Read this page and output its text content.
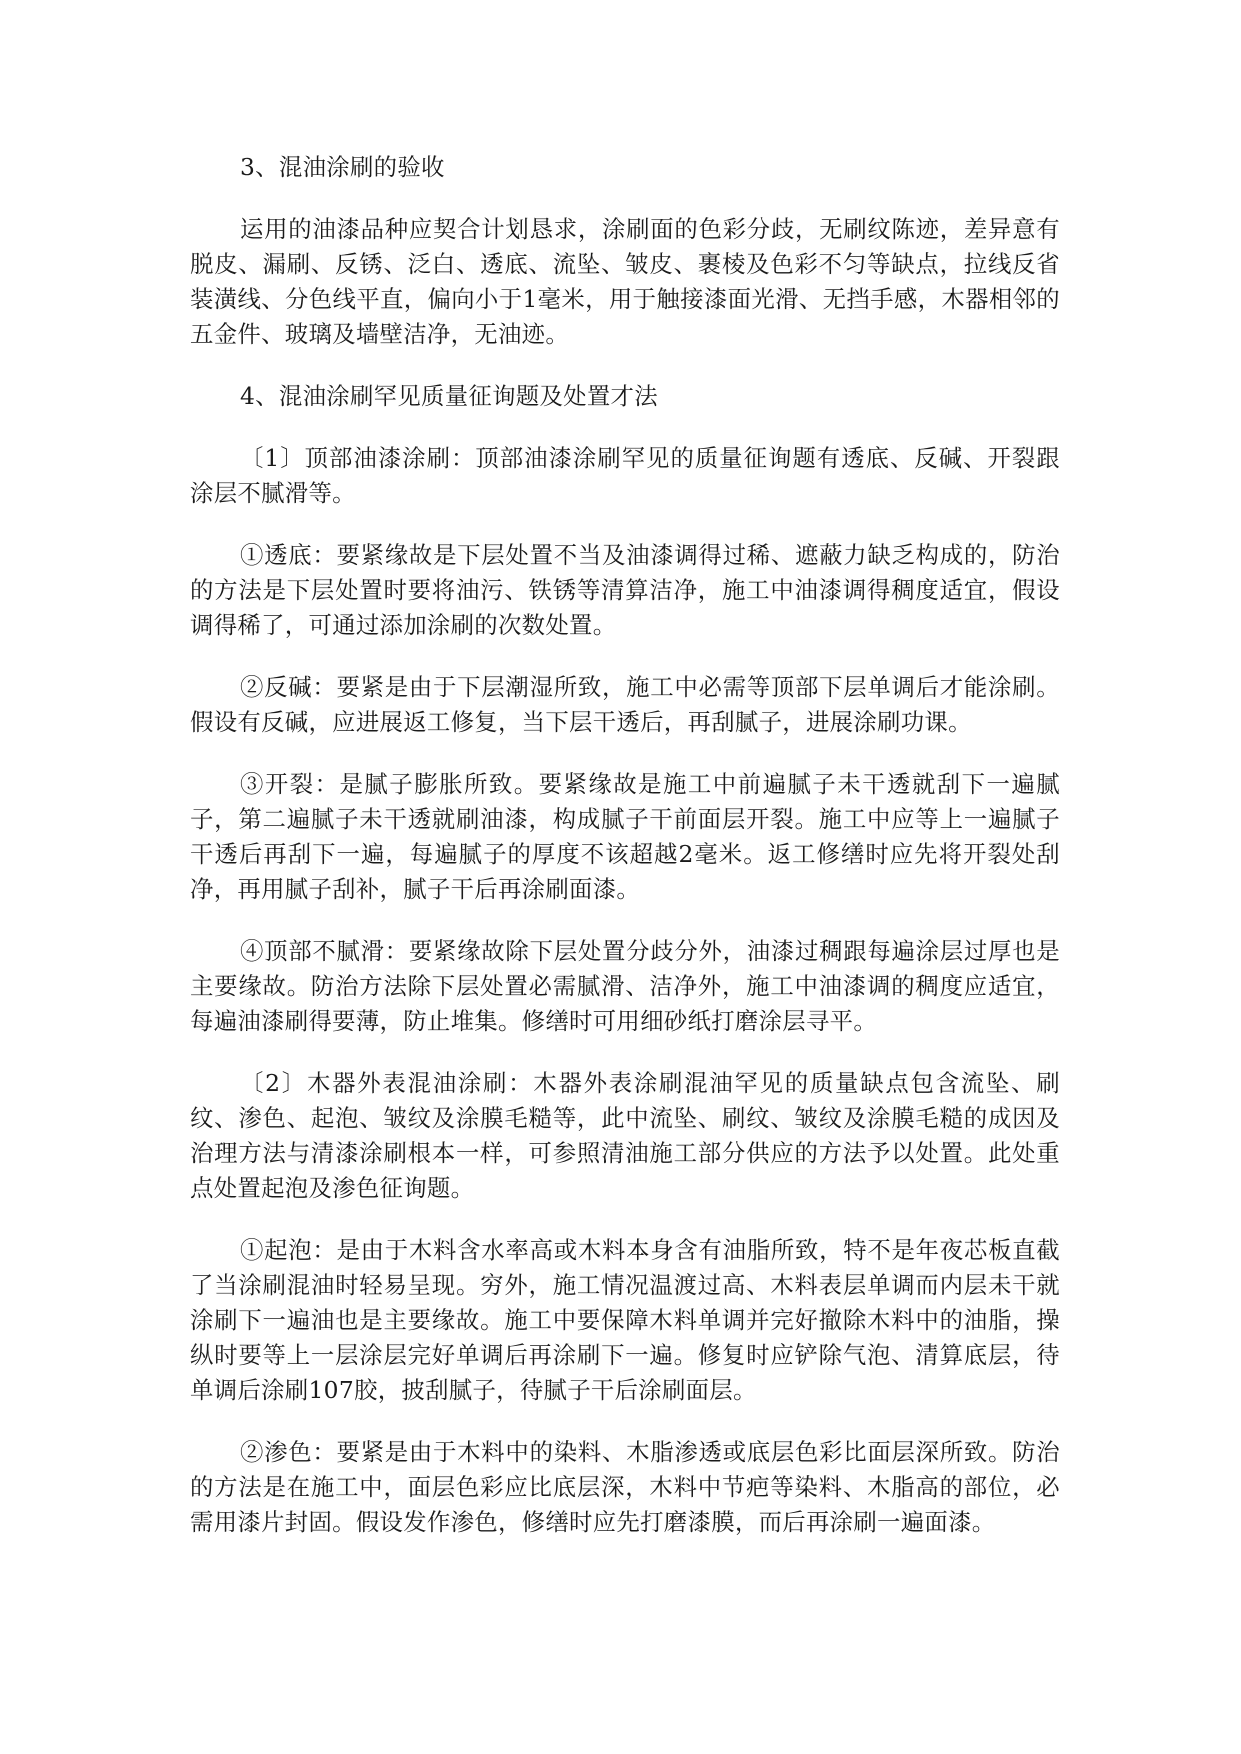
3、混油涂刷的验收

运用的油漆品种应契合计划恳求，涂刷面的色彩分歧，无刷纹陈迹，差异意有脱皮、漏刷、反锈、泛白、透底、流坠、皱皮、裹棱及色彩不匀等缺点，拉线反省装潢线、分色线平直，偏向小于1毫米，用于触接漆面光滑、无挡手感，木器相邻的五金件、玻璃及墙壁洁净，无油迹。

4、混油涂刷罕见质量征询题及处置才法

〔1〕顶部油漆涂刷：顶部油漆涂刷罕见的质量征询题有透底、反碱、开裂跟涂层不腻滑等。

①透底：要紧缘故是下层处置不当及油漆调得过稀、遮蔽力缺乏构成的，防治的方法是下层处置时要将油污、铁锈等清算洁净，施工中油漆调得稠度适宜，假设调得稀了，可通过添加涂刷的次数处置。

②反碱：要紧是由于下层潮湿所致，施工中必需等顶部下层单调后才能涂刷。假设有反碱，应进展返工修复，当下层干透后，再刮腻子，进展涂刷功课。

③开裂：是腻子膨胀所致。要紧缘故是施工中前遍腻子未干透就刮下一遍腻子，第二遍腻子未干透就刷油漆，构成腻子干前面层开裂。施工中应等上一遍腻子干透后再刮下一遍，每遍腻子的厚度不该超越2毫米。返工修缮时应先将开裂处刮净，再用腻子刮补，腻子干后再涂刷面漆。

④顶部不腻滑：要紧缘故除下层处置分歧分外，油漆过稠跟每遍涂层过厚也是主要缘故。防治方法除下层处置必需腻滑、洁净外，施工中油漆调的稠度应适宜，每遍油漆刷得要薄，防止堆集。修缮时可用细砂纸打磨涂层寻平。

〔2〕木器外表混油涂刷：木器外表涂刷混油罕见的质量缺点包含流坠、刷纹、渗色、起泡、皱纹及涂膜毛糙等，此中流坠、刷纹、皱纹及涂膜毛糙的成因及治理方法与清漆涂刷根本一样，可参照清油施工部分供应的方法予以处置。此处重点处置起泡及渗色征询题。

①起泡：是由于木料含水率高或木料本身含有油脂所致，特不是年夜芯板直截了当涂刷混油时轻易呈现。穷外，施工情况温渡过高、木料表层单调而内层未干就涂刷下一遍油也是主要缘故。施工中要保障木料单调并完好撤除木料中的油脂，操纵时要等上一层涂层完好单调后再涂刷下一遍。修复时应铲除气泡、清算底层，待单调后涂刷107胶，披刮腻子，待腻子干后涂刷面层。

②渗色：要紧是由于木料中的染料、木脂渗透或底层色彩比面层深所致。防治的方法是在施工中，面层色彩应比底层深，木料中节疤等染料、木脂高的部位，必需用漆片封固。假设发作渗色，修缮时应先打磨漆膜，而后再涂刷一遍面漆。
